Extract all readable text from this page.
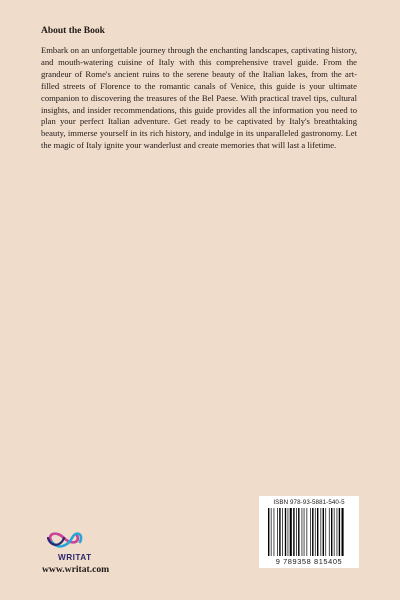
About the Book

Embark on an unforgettable journey through the enchanting landscapes, captivating history, and mouth-watering cuisine of Italy with this comprehensive travel guide. From the grandeur of Rome's ancient ruins to the serene beauty of the Italian lakes, from the art-filled streets of Florence to the romantic canals of Venice, this guide is your ultimate companion to discovering the treasures of the Bel Paese. With practical travel tips, cultural insights, and insider recommendations, this guide provides all the information you need to plan your perfect Italian adventure. Get ready to be captivated by Italy's breathtaking beauty, immerse yourself in its rich history, and indulge in its unparalleled gastronomy. Let the magic of Italy ignite your wanderlust and create memories that will last a lifetime.

ISBN 978-93-5881-540-5
9 789358 815405
WRITAT
www.writat.com
